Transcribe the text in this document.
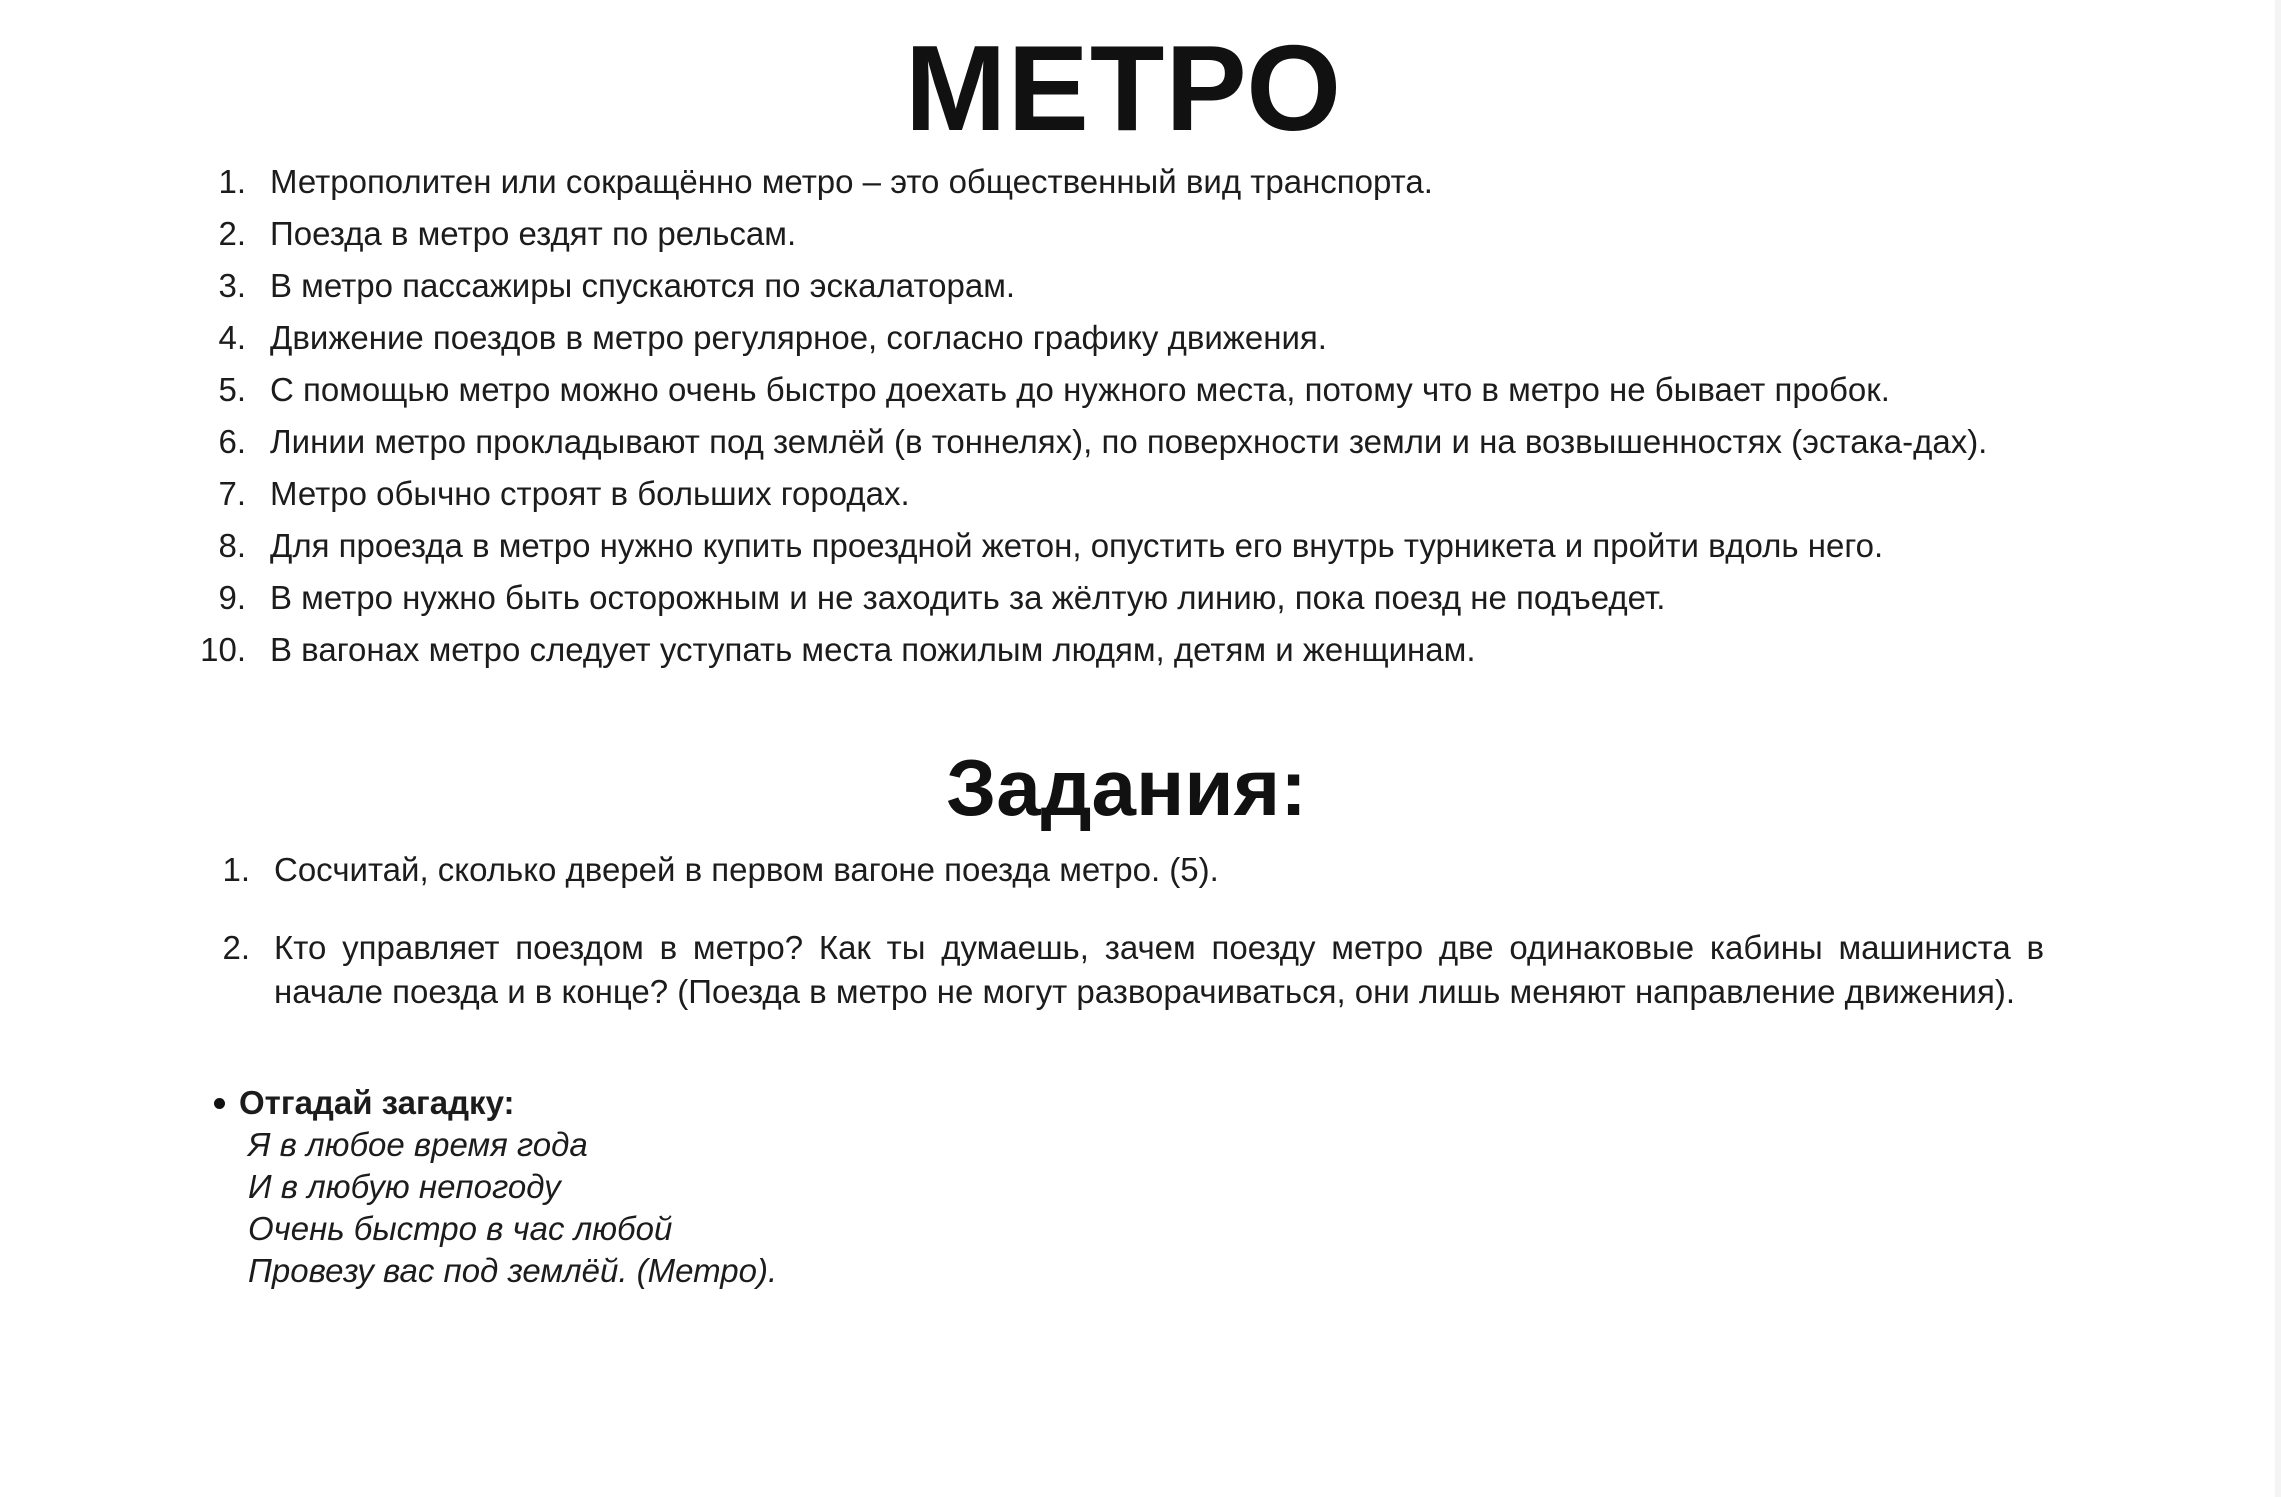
МЕТРО
1. Метрополитен или сокращённо метро – это общественный вид транспорта.
2. Поезда в метро ездят по рельсам.
3. В метро пассажиры спускаются по эскалаторам.
4. Движение поездов в метро регулярное, согласно графику движения.
5. С помощью метро можно очень быстро доехать до нужного места, потому что в метро не бывает пробок.
6. Линии метро прокладывают под землёй (в тоннелях), по поверхности земли и на возвышенностях (эстака-дах).
7. Метро обычно строят в больших городах.
8. Для проезда в метро нужно купить проездной жетон, опустить его внутрь турникета и пройти вдоль него.
9. В метро нужно быть осторожным и не заходить за жёлтую линию, пока поезд не подъедет.
10. В вагонах метро следует уступать места пожилым людям, детям и женщинам.
Задания:
1. Сосчитай, сколько дверей в первом вагоне поезда метро. (5).
2. Кто управляет поездом в метро? Как ты думаешь, зачем поезду метро две одинаковые кабины машиниста в начале поезда и в конце? (Поезда в метро не могут разворачиваться, они лишь меняют направление движения).
Отгадай загадку:
Я в любое время года
И в любую непогоду
Очень быстро в час любой
Провезу вас под землёй. (Метро).
